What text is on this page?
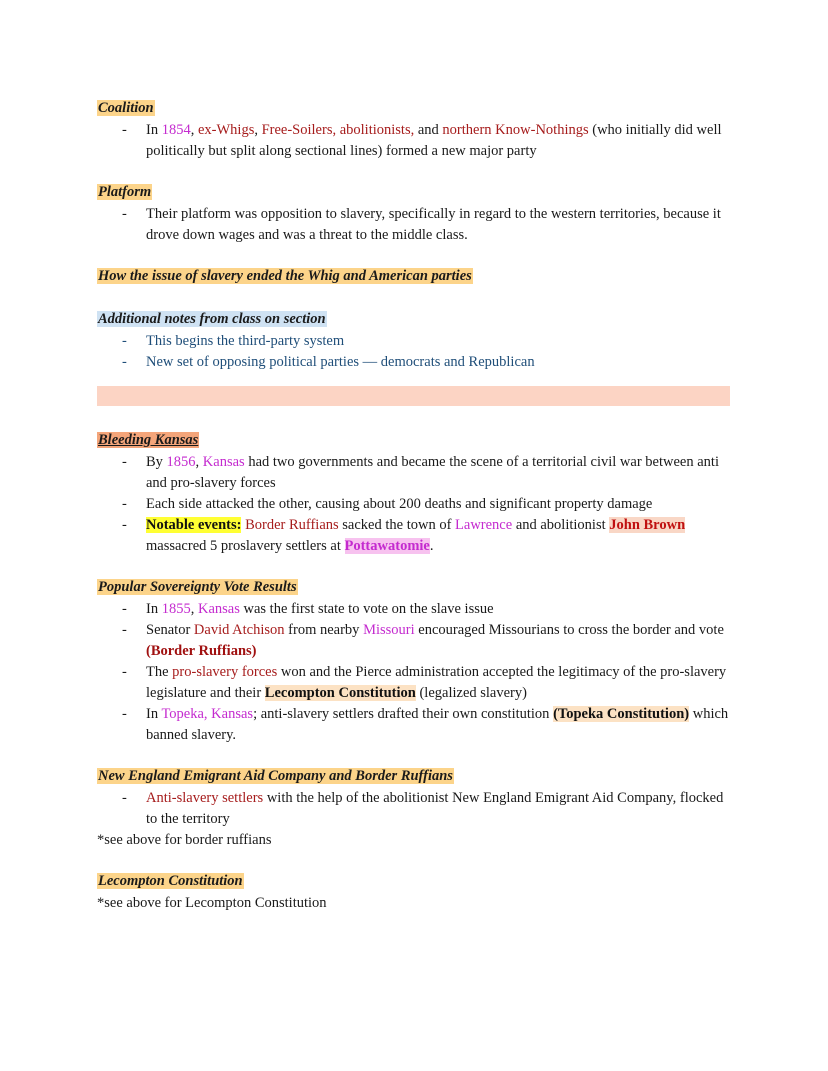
Coalition
- In 1854, ex-Whigs, Free-Soilers, abolitionists, and northern Know-Nothings (who initially did well politically but split along sectional lines) formed a new major party
Platform
- Their platform was opposition to slavery, specifically in regard to the western territories, because it drove down wages and was a threat to the middle class.
How the issue of slavery ended the Whig and American parties
Additional notes from class on section
- This begins the third-party system
- New set of opposing political parties — democrats and Republican
Bleeding Kansas
- By 1856, Kansas had two governments and became the scene of a territorial civil war between anti and pro-slavery forces
- Each side attacked the other, causing about 200 deaths and significant property damage
- Notable events: Border Ruffians sacked the town of Lawrence and abolitionist John Brown massacred 5 proslavery settlers at Pottawatomie.
Popular Sovereignty Vote Results
- In 1855, Kansas was the first state to vote on the slave issue
- Senator David Atchison from nearby Missouri encouraged Missourians to cross the border and vote (Border Ruffians)
- The pro-slavery forces won and the Pierce administration accepted the legitimacy of the pro-slavery legislature and their Lecompton Constitution (legalized slavery)
- In Topeka, Kansas; anti-slavery settlers drafted their own constitution (Topeka Constitution) which banned slavery.
New England Emigrant Aid Company and Border Ruffians
- Anti-slavery settlers with the help of the abolitionist New England Emigrant Aid Company, flocked to the territory
*see above for border ruffians
Lecompton Constitution
*see above for Lecompton Constitution
